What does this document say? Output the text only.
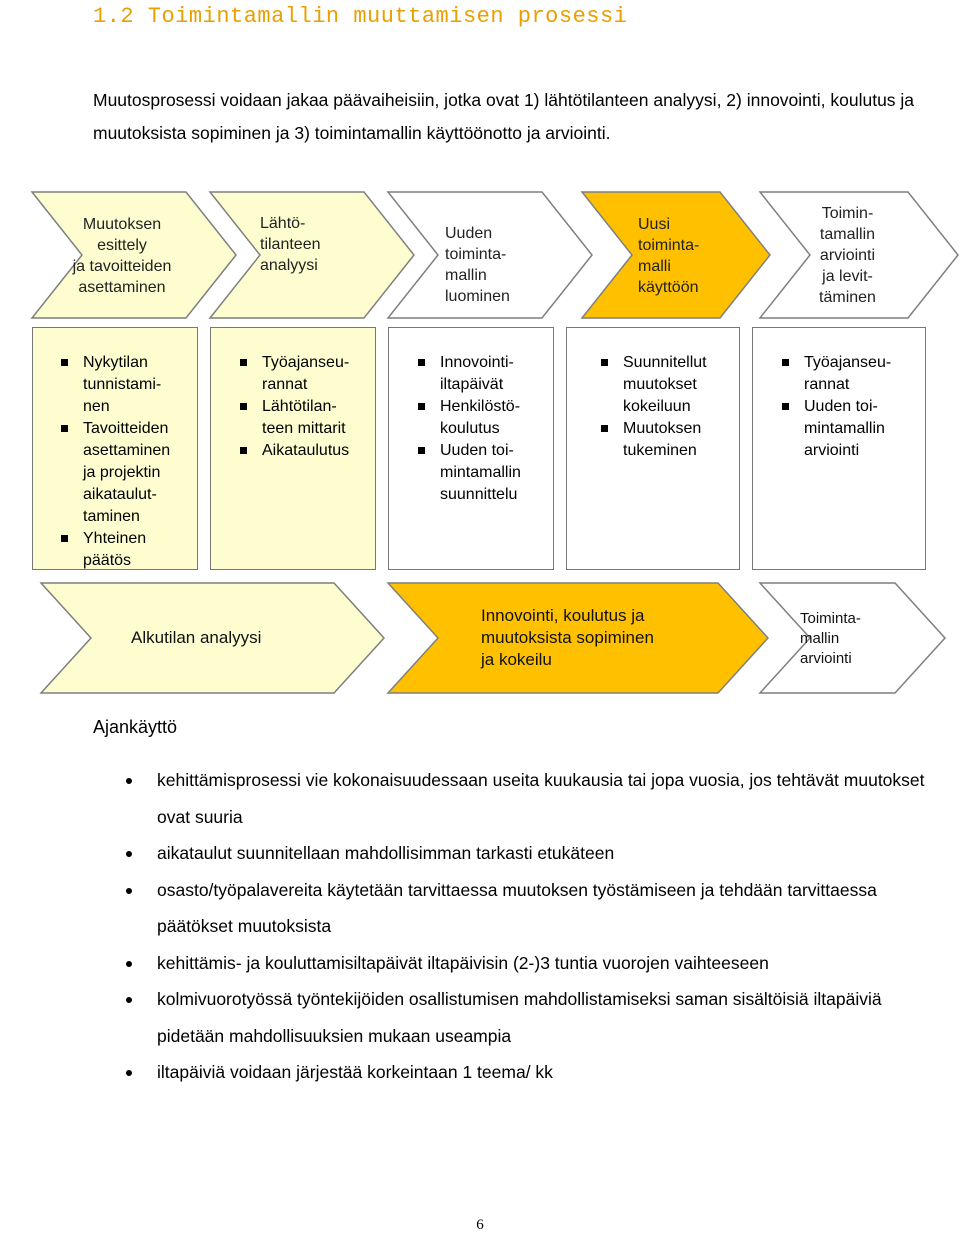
1.2 Toimintamallin muuttamisen prosessi

Muutosprosessi voidaan jakaa päävaiheisiin, jotka ovat 1) lähtötilanteen analyysi, 2) innovointi, koulutus ja muutoksista sopiminen ja 3) toimintamallin käyttöönotto ja arviointi.

Muutoksen
esittely
ja tavoitteiden
asettaminen
Lähtö-
tilanteen
analyysi
Uuden
toiminta-
mallin
luominen
Uusi
toiminta-
malli
käyttöön
Toimin-
tamallin
arviointi
ja levit-
täminen
Nykytilan
tunnistami-
nen
Tavoitteiden
asettaminen
ja projektin
aikataulut-
taminen
Yhteinen
päätös
Työajanseu-
rannat
Lähtötilan-
teen mittarit
Aikataulutus
Innovointi-
iltapäivät
Henkilöstö-
koulutus
Uuden toi-
mintamallin
suunnittelu
Suunnitellut
muutokset
kokeiluun
Muutoksen
tukeminen
Työajanseu-
rannat
Uuden toi-
mintamallin
arviointi
Alkutilan analyysi
Innovointi, koulutus ja
muutoksista sopiminen
ja kokeilu
Toiminta-
mallin
arviointi
Ajankäyttö
kehittämisprosessi vie kokonaisuudessaan useita kuukausia tai jopa vuosia, jos tehtävät muutokset ovat suuria
aikataulut suunnitellaan mahdollisimman tarkasti etukäteen
osasto/työpalavereita käytetään tarvittaessa muutoksen työstämiseen ja tehdään tarvittaessa päätökset muutoksista
kehittämis- ja kouluttamisiltapäivät iltapäivisin (2-)3 tuntia vuorojen vaihteeseen
kolmivuorotyössä työntekijöiden osallistumisen mahdollistamiseksi saman sisältöisiä iltapäiviä pidetään mahdollisuuksien mukaan useampia
iltapäiviä voidaan järjestää korkeintaan 1 teema/ kk
6
